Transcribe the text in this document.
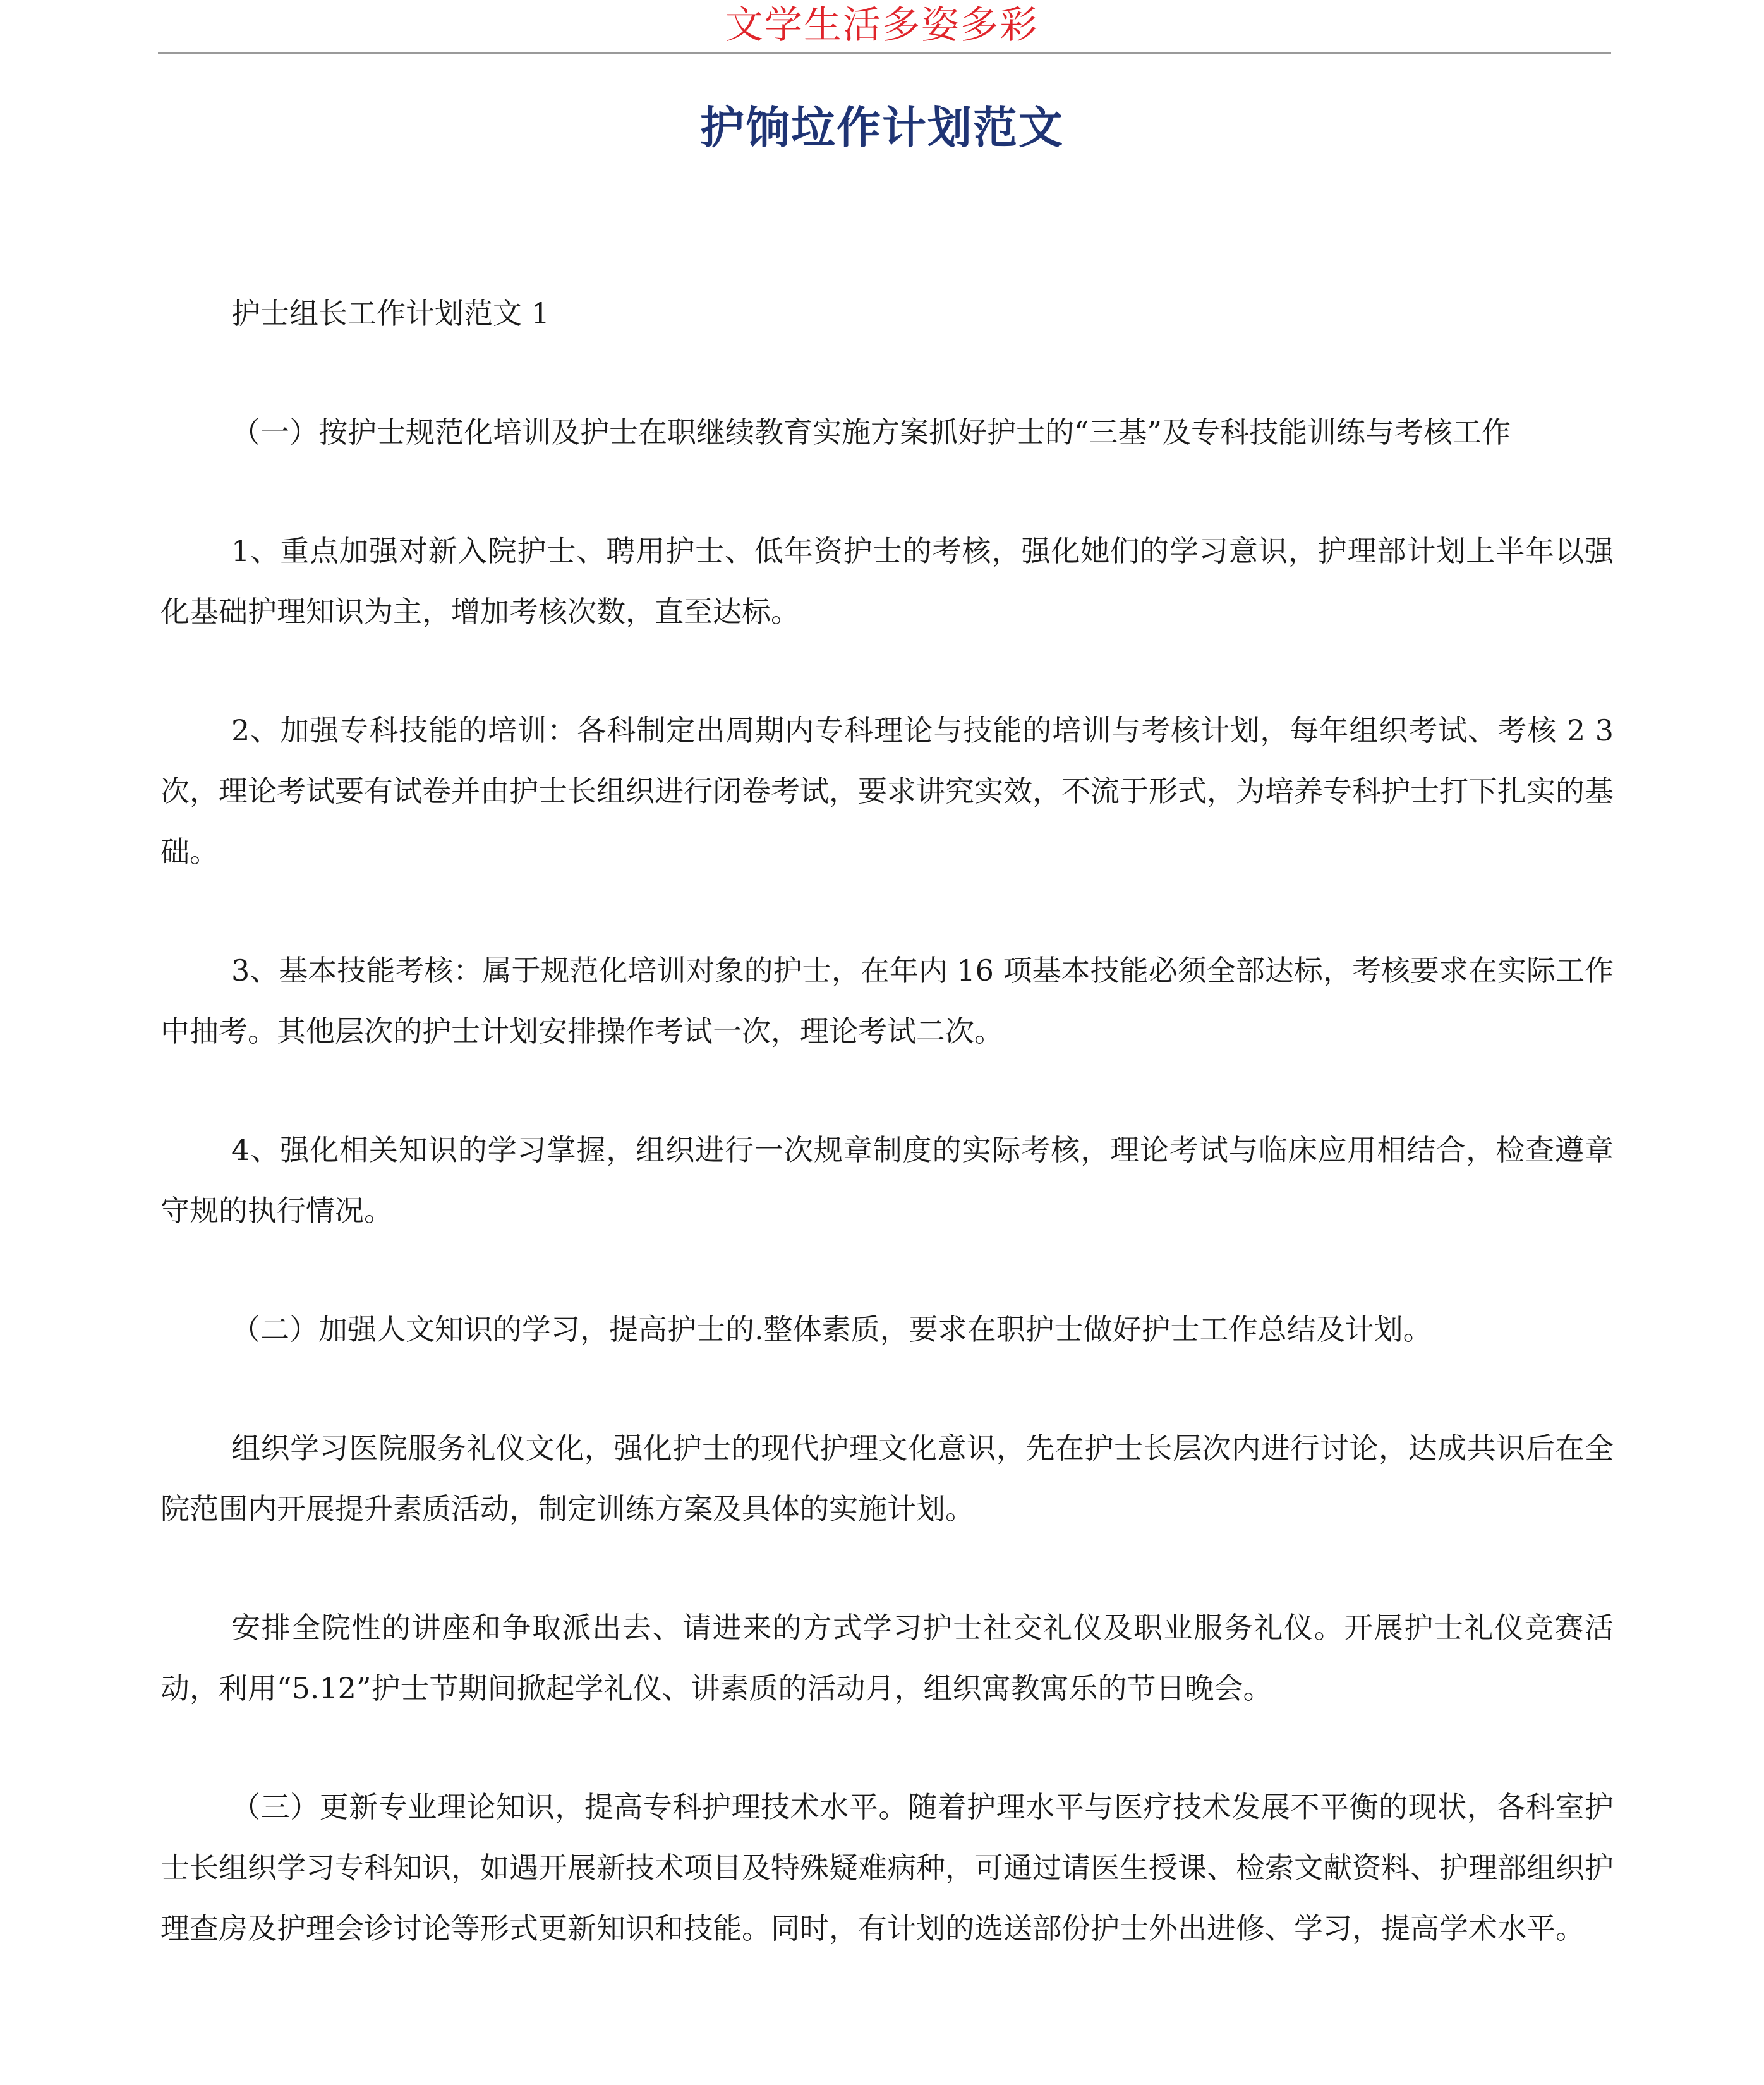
文学生活多姿多彩
护饷垃作计划范文

护士组长工作计划范文 1

（一）按护士规范化培训及护士在职继续教育实施方案抓好护士的“三基”及专科技能训练与考核工作

1、重点加强对新入院护士、聘用护士、低年资护士的考核，强化她们的学习意识，护理部计划上半年以强化基础护理知识为主，增加考核次数，直至达标。

2、加强专科技能的培训：各科制定出周期内专科理论与技能的培训与考核计划，每年组织考试、考核 2 3 次，理论考试要有试卷并由护士长组织进行闭卷考试，要求讲究实效，不流于形式，为培养专科护士打下扎实的基础。

3、基本技能考核：属于规范化培训对象的护士，在年内 16 项基本技能必须全部达标，考核要求在实际工作中抽考。其他层次的护士计划安排操作考试一次，理论考试二次。

4、强化相关知识的学习掌握，组织进行一次规章制度的实际考核，理论考试与临床应用相结合，检查遵章守规的执行情况。

（二）加强人文知识的学习，提高护士的.整体素质，要求在职护士做好护士工作总结及计划。

组织学习医院服务礼仪文化，强化护士的现代护理文化意识，先在护士长层次内进行讨论，达成共识后在全院范围内开展提升素质活动，制定训练方案及具体的实施计划。

安排全院性的讲座和争取派出去、请进来的方式学习护士社交礼仪及职业服务礼仪。开展护士礼仪竞赛活动，利用“5.12”护士节期间掀起学礼仪、讲素质的活动月，组织寓教寓乐的节日晚会。

（三）更新专业理论知识，提高专科护理技术水平。随着护理水平与医疗技术发展不平衡的现状，各科室护士长组织学习专科知识，如遇开展新技术项目及特殊疑难病种，可通过请医生授课、检索文献资料、护理部组织护理查房及护理会诊讨论等形式更新知识和技能。同时，有计划的选送部份护士外出进修、学习，提高学术水平。
